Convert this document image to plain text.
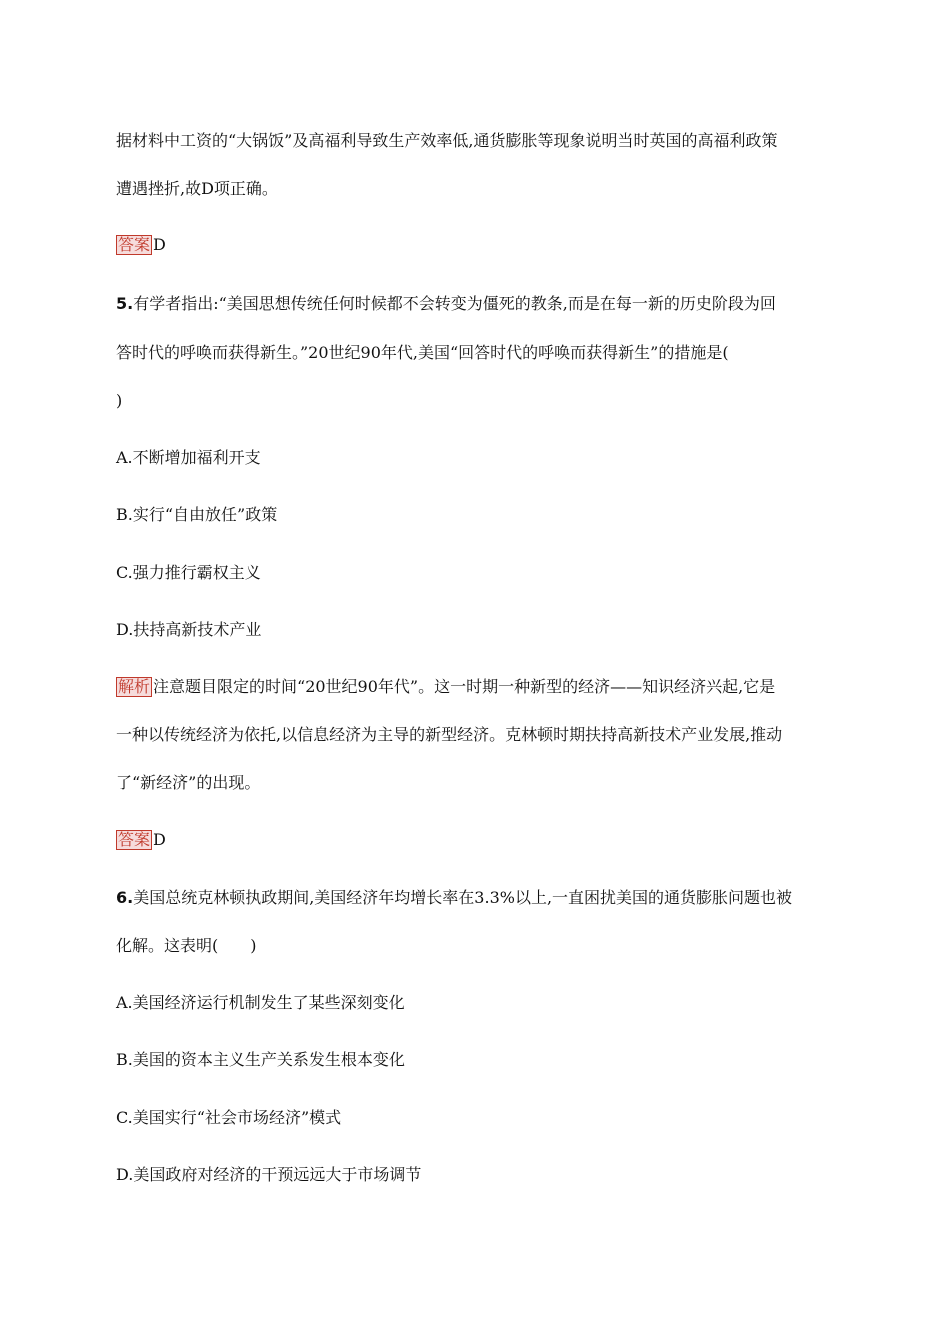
据材料中工资的“大锅饭”及高福利导致生产效率低,通货膨胀等现象说明当时英国的高福利政策
遭遇挫折,故D项正确。
答案 D
5.有学者指出:“美国思想传统任何时候都不会转变为僵死的教条,而是在每一新的历史阶段为回
答时代的呼唤而获得新生。”20世纪90年代,美国“回答时代的呼唤而获得新生”的措施是(
)
A.不断增加福利开支
B.实行“自由放任”政策
C.强力推行霸权主义
D.扶持高新技术产业
解析 注意题目限定的时间“20世纪90年代”。这一时期一种新型的经济——知识经济兴起,它是
一种以传统经济为依托,以信息经济为主导的新型经济。克林顿时期扶持高新技术产业发展,推动
了“新经济”的出现。
答案 D
6.美国总统克林顿执政期间,美国经济年均增长率在3.3%以上,一直困扰美国的通货膨胀问题也被
化解。这表明(　　)
A.美国经济运行机制发生了某些深刻变化
B.美国的资本主义生产关系发生根本变化
C.美国实行“社会市场经济”模式
D.美国政府对经济的干预远远大于市场调节
